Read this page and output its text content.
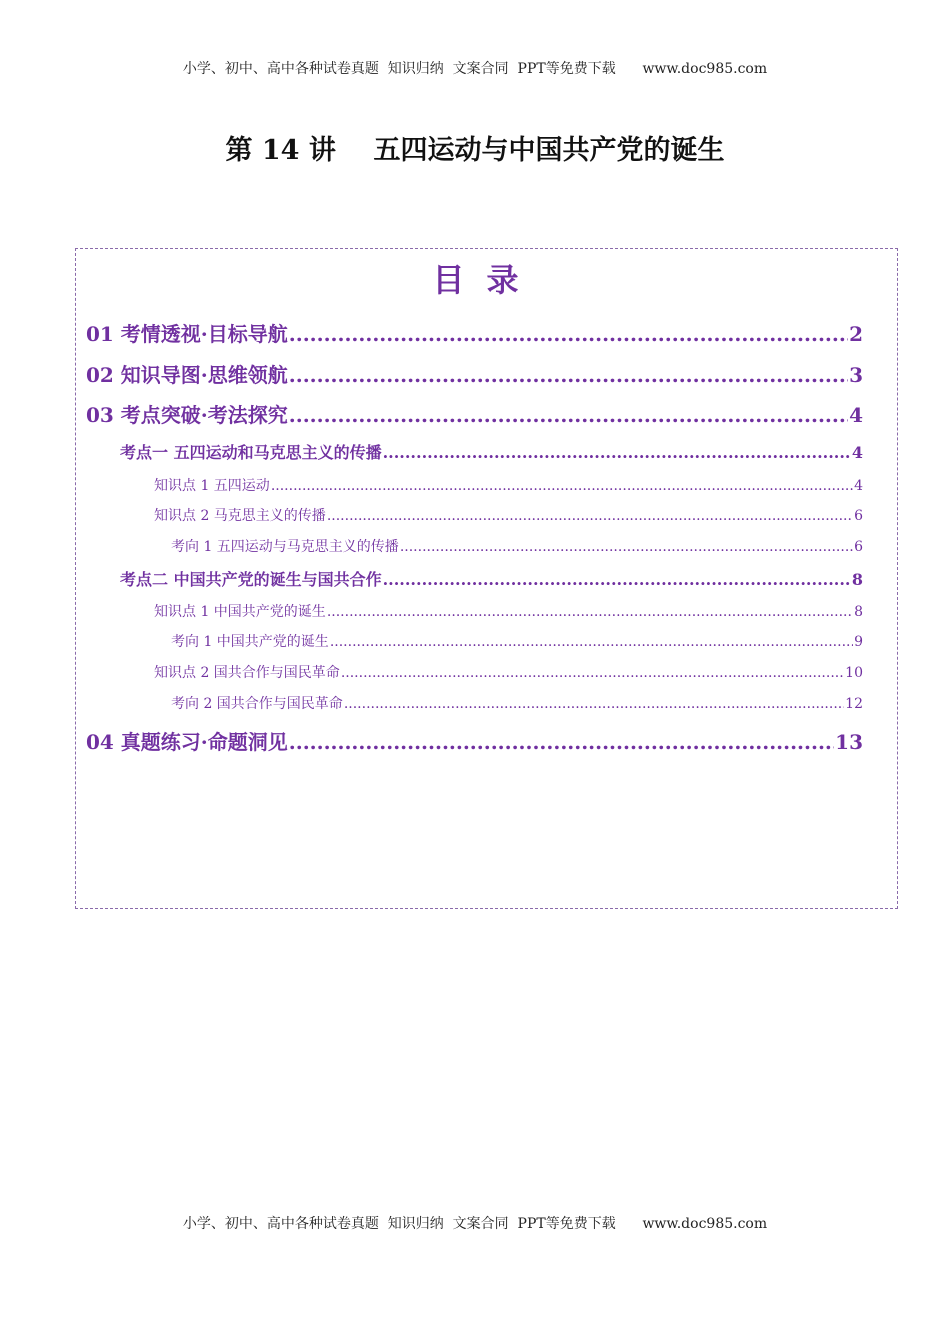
小学、初中、高中各种试卷真题  知识归纳  文案合同  PPT等免费下载      www.doc985.com
第 14 讲    五四运动与中国共产党的诞生
目录
01 考情透视·目标导航 .....	2
02 知识导图·思维领航 .....	3
03 考点突破·考法探究 .....	4
考点一 五四运动和马克思主义的传播 .....	4
知识点 1 五四运动 .....	4
知识点 2 马克思主义的传播 .....	6
考向 1 五四运动与马克思主义的传播 .....	6
考点二 中国共产党的诞生与国共合作 .....	8
知识点 1 中国共产党的诞生 .....	8
考向 1 中国共产党的诞生 .....	9
知识点 2 国共合作与国民革命 .....	10
考向 2 国共合作与国民革命 .....	12
04 真题练习·命题洞见 .....	13
小学、初中、高中各种试卷真题  知识归纳  文案合同  PPT等免费下载      www.doc985.com
